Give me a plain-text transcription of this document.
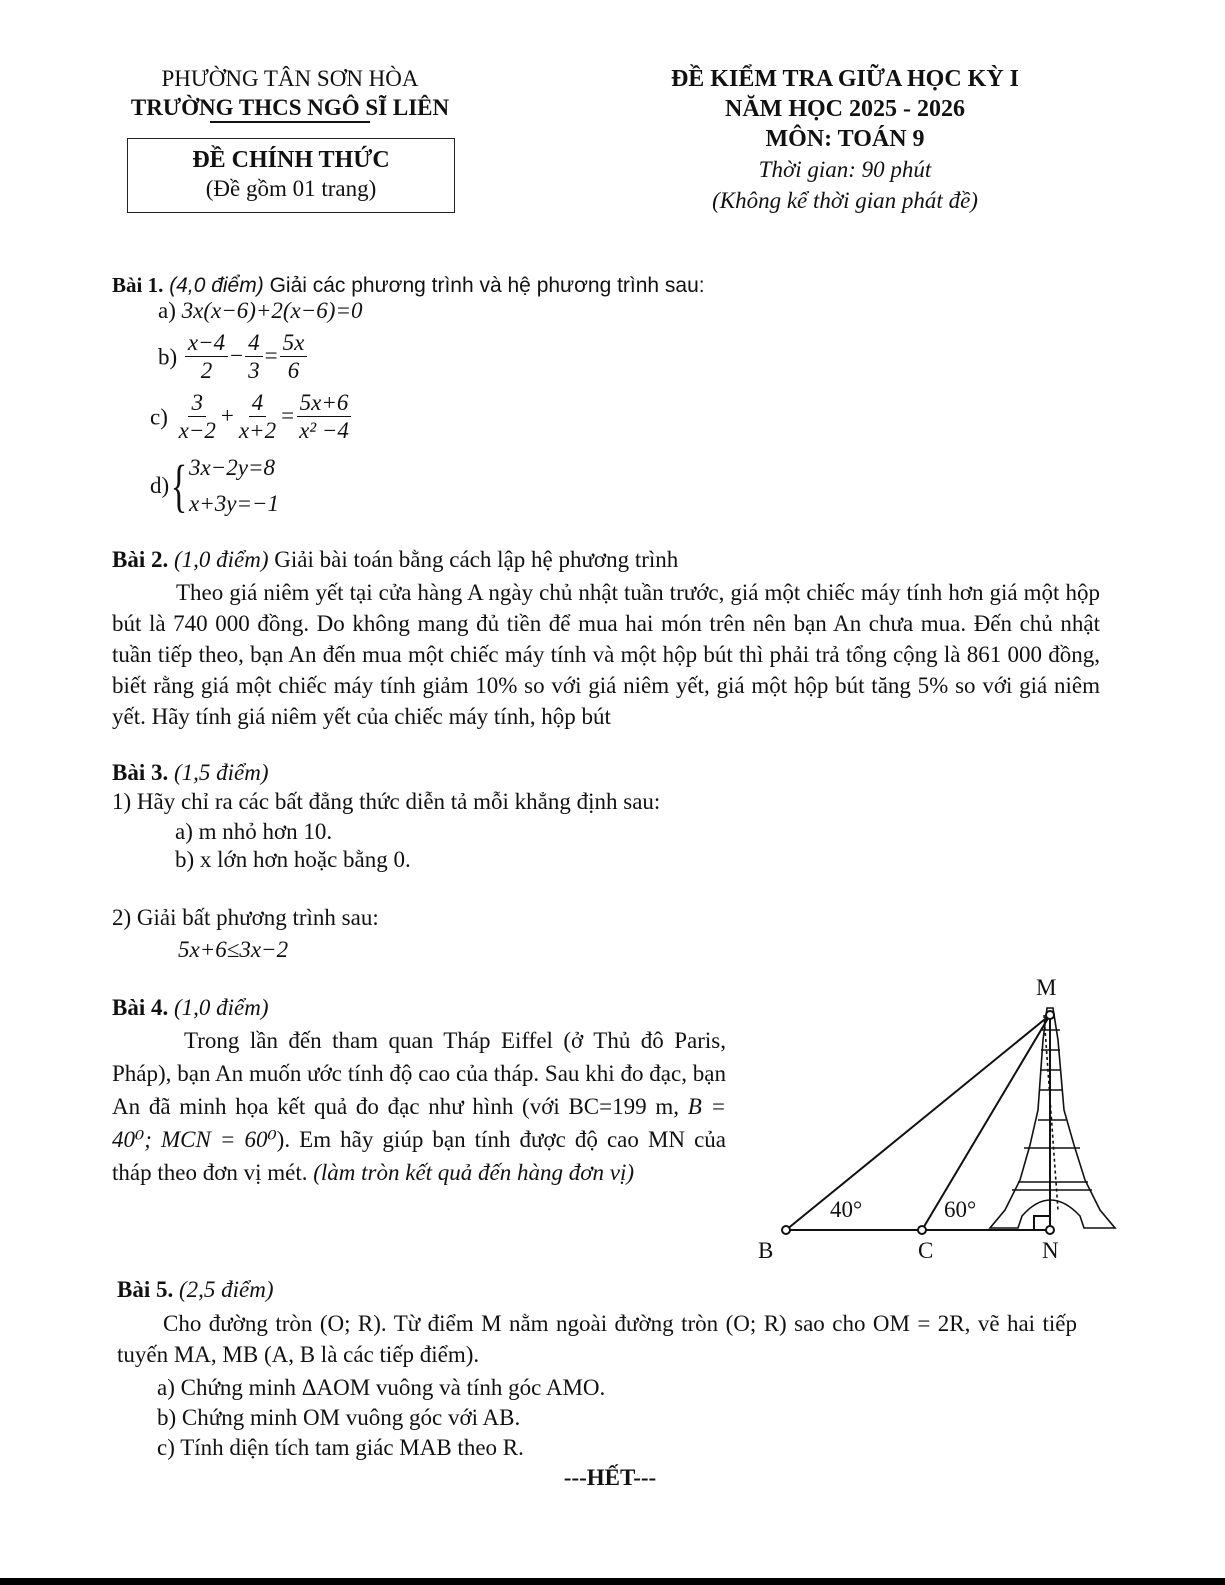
PHƯỜNG TÂN SƠN HÒA
TRƯỜNG THCS NGÔ SĨ LIÊN
ĐỀ CHÍNH THỨC
(Đề gồm 01 trang)
ĐỀ KIỂM TRA GIỮA HỌC KỲ I
NĂM HỌC 2025 - 2026
MÔN: TOÁN 9
Thời gian: 90 phút
(Không kể thời gian phát đề)
Bài 1. (4,0 điểm) Giải các phương trình và hệ phương trình sau:
a) 3x(x−6)+2(x−6)=0
$b) \frac{x-4}{2} - \frac{4}{3} = \frac{5x}{6}$
$c) \frac{3}{x-2} + \frac{4}{x+2} = \frac{5x+6}{\text{x² −4}}$
d){ 3x−2y=8
x+3y=−1
Bài 2. (1,0 điểm) Giải bài toán bằng cách lập hệ phương trình
Theo giá niêm yết tại cửa hàng A ngày chủ nhật tuần trước, giá một chiếc máy tính hơn giá một hộp bút là 740 000 đồng. Do không mang đủ tiền để mua hai món trên nên bạn An chưa mua. Đến chủ nhật tuần tiếp theo, bạn An đến mua một chiếc máy tính và một hộp bút thì phải trả tổng cộng là 861 000 đồng, biết rằng giá một chiếc máy tính giảm 10% so với giá niêm yết, giá một hộp bút tăng 5% so với giá niêm yết. Hãy tính giá niêm yết của chiếc máy tính, hộp bút
Bài 3. (1,5 điểm)
1) Hãy chỉ ra các bất đẳng thức diễn tả mỗi khẳng định sau:
a) m nhỏ hơn 10.
b) x lớn hơn hoặc bằng 0.
2) Giải bất phương trình sau:
5x+6≤3x−2
Bài 4. (1,0 điểm)
Trong lần đến tham quan Tháp Eiffel (ở Thủ đô Paris, Pháp), bạn An muốn ước tính độ cao của tháp. Sau khi đo đạc, bạn An đã minh họa kết quả đo đạc như hình (với BC=199 m, B = 40⁰; MCN = 60⁰). Em hãy giúp bạn tính được độ cao MN của tháp theo đơn vị mét. (làm tròn kết quả đến hàng đơn vị)
M
B	C	N
40°	60°
Bài 5. (2,5 điểm)
Cho đường tròn (O; R). Từ điểm M nằm ngoài đường tròn (O; R) sao cho OM = 2R, vẽ hai tiếp tuyến MA, MB (A, B là các tiếp điểm).
a) Chứng minh ΔAOM vuông và tính góc AMO.
b) Chứng minh OM vuông góc với AB.
c) Tính diện tích tam giác MAB theo R.
---HẾT---
